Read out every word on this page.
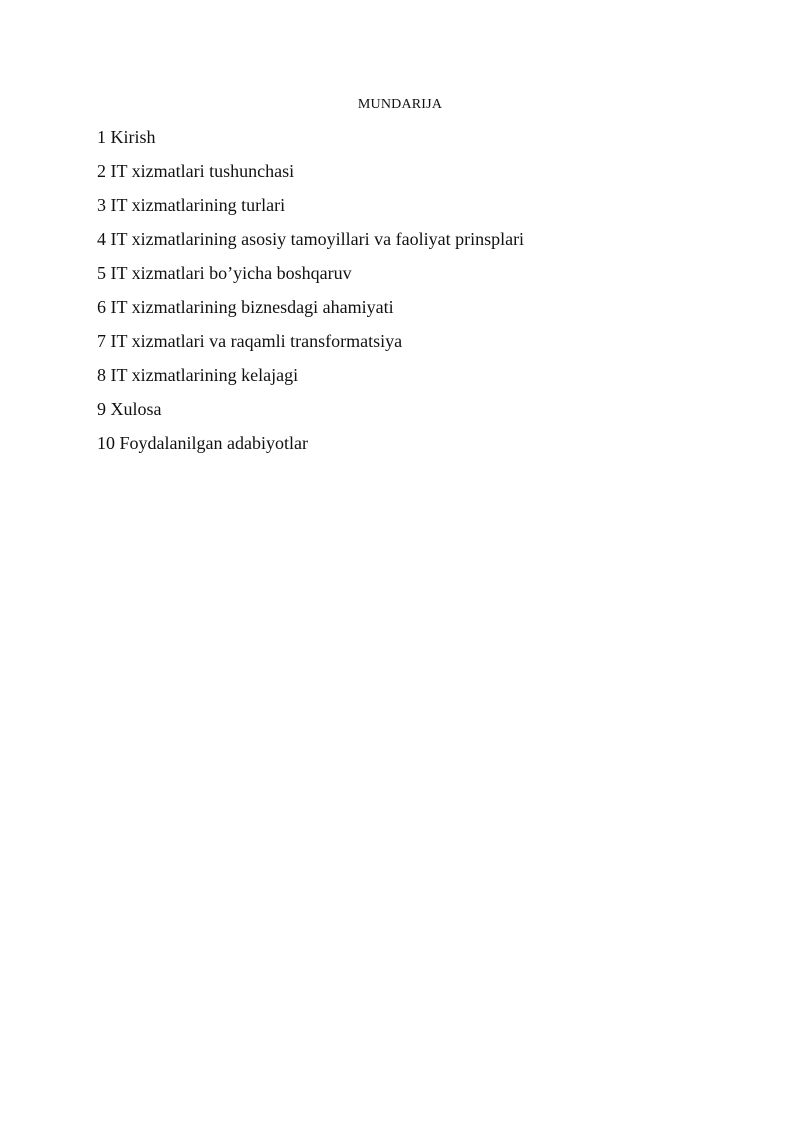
MUNDARIJA
1 Kirish
2 IT xizmatlari tushunchasi
3 IT xizmatlarining turlari
4 IT xizmatlarining asosiy tamoyillari va faoliyat prinsplari
5 IT xizmatlari bo’yicha boshqaruv
6 IT xizmatlarining biznesdagi ahamiyati
7 IT xizmatlari va raqamli transformatsiya
8 IT xizmatlarining kelajagi
9 Xulosa
10 Foydalanilgan adabiyotlar
